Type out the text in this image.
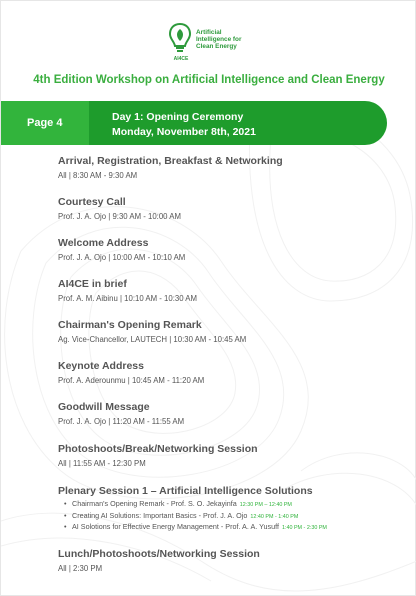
AI4CE
Artificial
Intelligence for
Clean Energy
4th Edition Workshop on Artificial Intelligence and Clean Energy
Page 4	Day 1: Opening Ceremony
Monday, November 8th, 2021
Arrival, Registration, Breakfast & Networking
All | 8:30 AM - 9:30 AM
Courtesy Call
Prof. J. A. Ojo | 9:30 AM - 10:00 AM
Welcome Address
Prof. J. A. Ojo | 10:00 AM - 10:10 AM
AI4CE in brief
Prof. A. M. Aibinu | 10:10 AM - 10:30 AM
Chairman's Opening Remark
Ag. Vice-Chancellor, LAUTECH | 10:30 AM - 10:45 AM
Keynote Address
Prof. A. Aderounmu | 10:45 AM - 11:20 AM
Goodwill Message
Prof. J. A. Ojo | 11:20 AM - 11:55 AM
Photoshoots/Break/Networking Session
All | 11:55 AM - 12:30 PM
Plenary Session 1 – Artificial Intelligence Solutions
• Chairman's Opening Remark - Prof. S. O. Jekayinfa 12:30 PM – 12:40 PM
• Creating AI Solutions: Important Basics - Prof. J. A. Ojo 12:40 PM - 1:40 PM
• AI Solotions for Effective Energy Management - Prof. A. A. Yusuff 1:40 PM - 2:30 PM
Lunch/Photoshoots/Networking Session
All | 2:30 PM
